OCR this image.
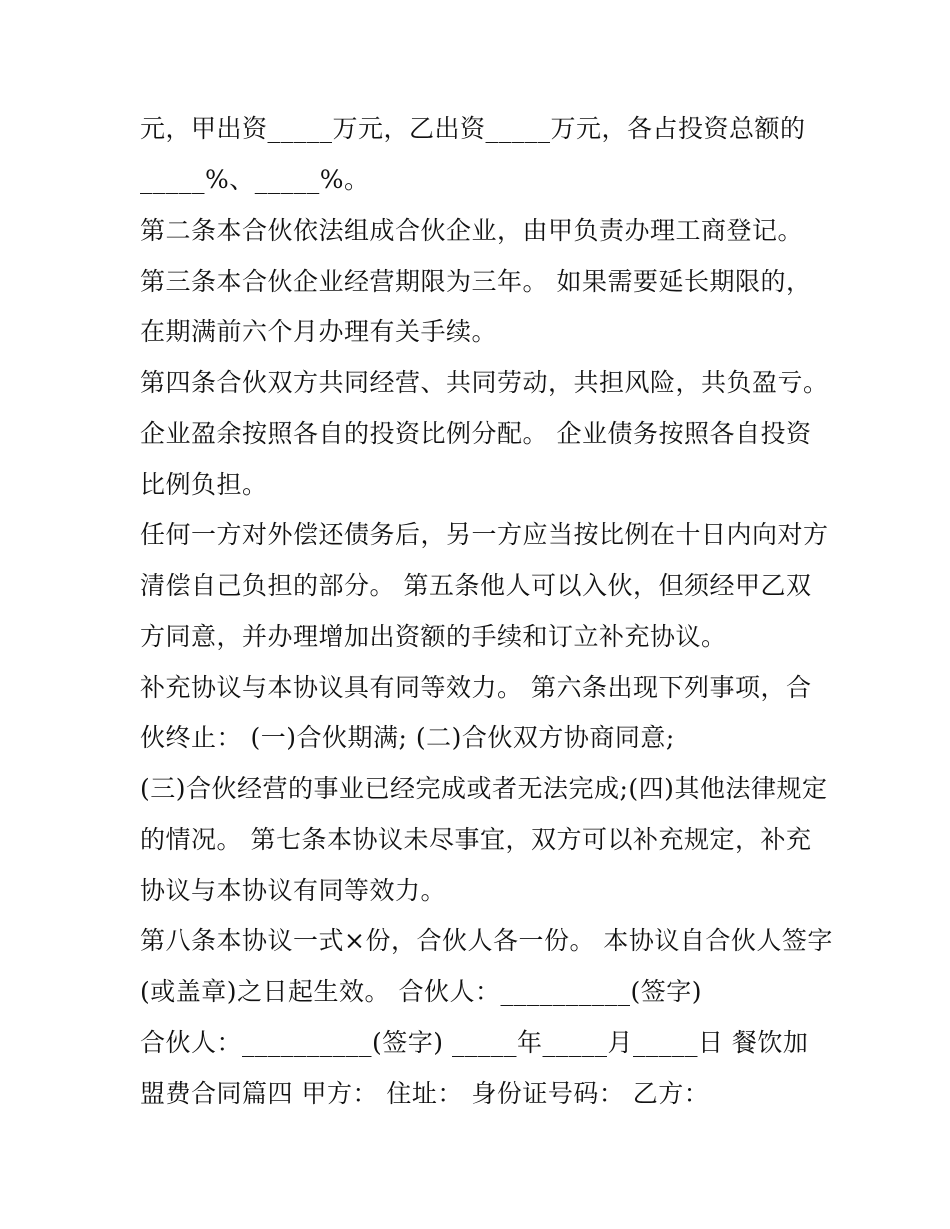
元，甲出资_____万元，乙出资_____万元，各占投资总额的
_____%、_____%。
第二条本合伙依法组成合伙企业，由甲负责办理工商登记。
第三条本合伙企业经营期限为三年。 如果需要延长期限的，
在期满前六个月办理有关手续。
第四条合伙双方共同经营、共同劳动，共担风险，共负盈亏。
企业盈余按照各自的投资比例分配。 企业债务按照各自投资
比例负担。
任何一方对外偿还债务后，另一方应当按比例在十日内向对方
清偿自己负担的部分。 第五条他人可以入伙，但须经甲乙双
方同意，并办理增加出资额的手续和订立补充协议。
补充协议与本协议具有同等效力。 第六条出现下列事项，合
伙终止： (一)合伙期满; (二)合伙双方协商同意;
(三)合伙经营的事业已经完成或者无法完成;(四)其他法律规定
的情况。 第七条本协议未尽事宜，双方可以补充规定，补充
协议与本协议有同等效力。
第八条本协议一式×份，合伙人各一份。 本协议自合伙人签字
(或盖章)之日起生效。 合伙人：__________(签字)
合伙人：__________(签字) _____年_____月_____日 餐饮加
盟费合同篇四 甲方： 住址： 身份证号码： 乙方：
